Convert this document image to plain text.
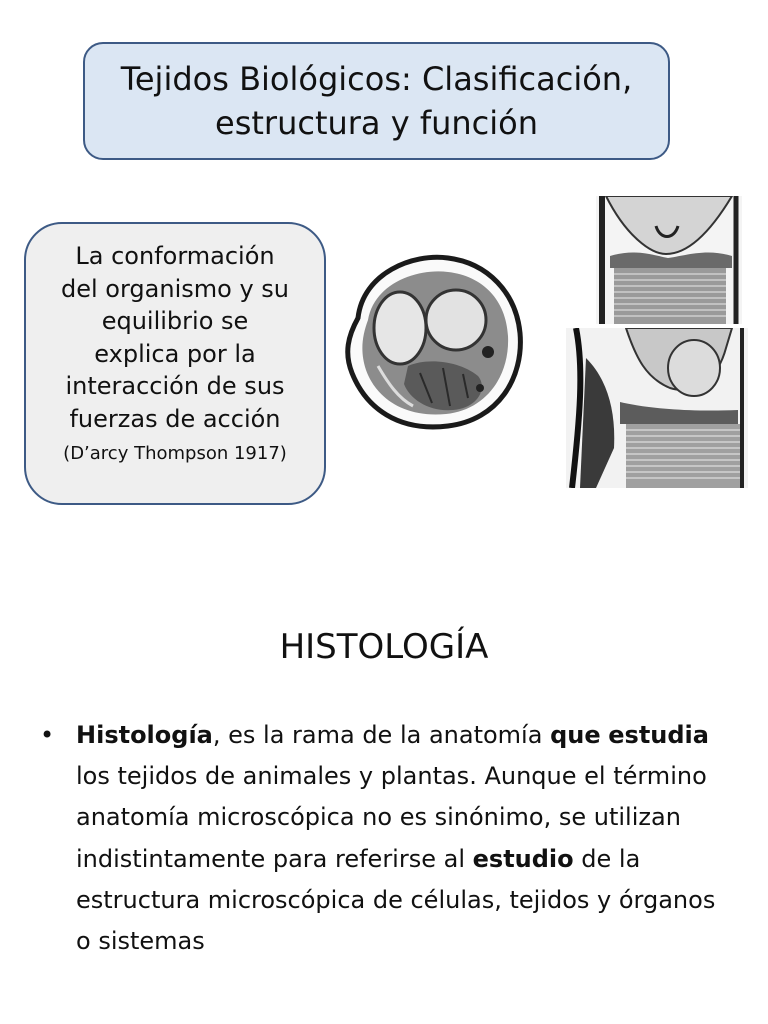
Tejidos Biológicos: Clasificación,
estructura y función
La conformación
del organismo y su
equilibrio se
explica por la
interacción de sus
fuerzas de acción
(D’arcy Thompson 1917)
HISTOLOGÍA
• Histología, es la rama de la anatomía que estudia los tejidos de animales y plantas. Aunque el término anatomía microscópica no es sinónimo, se utilizan indistintamente para referirse al estudio de la estructura microscópica de células, tejidos y órganos o sistemas
